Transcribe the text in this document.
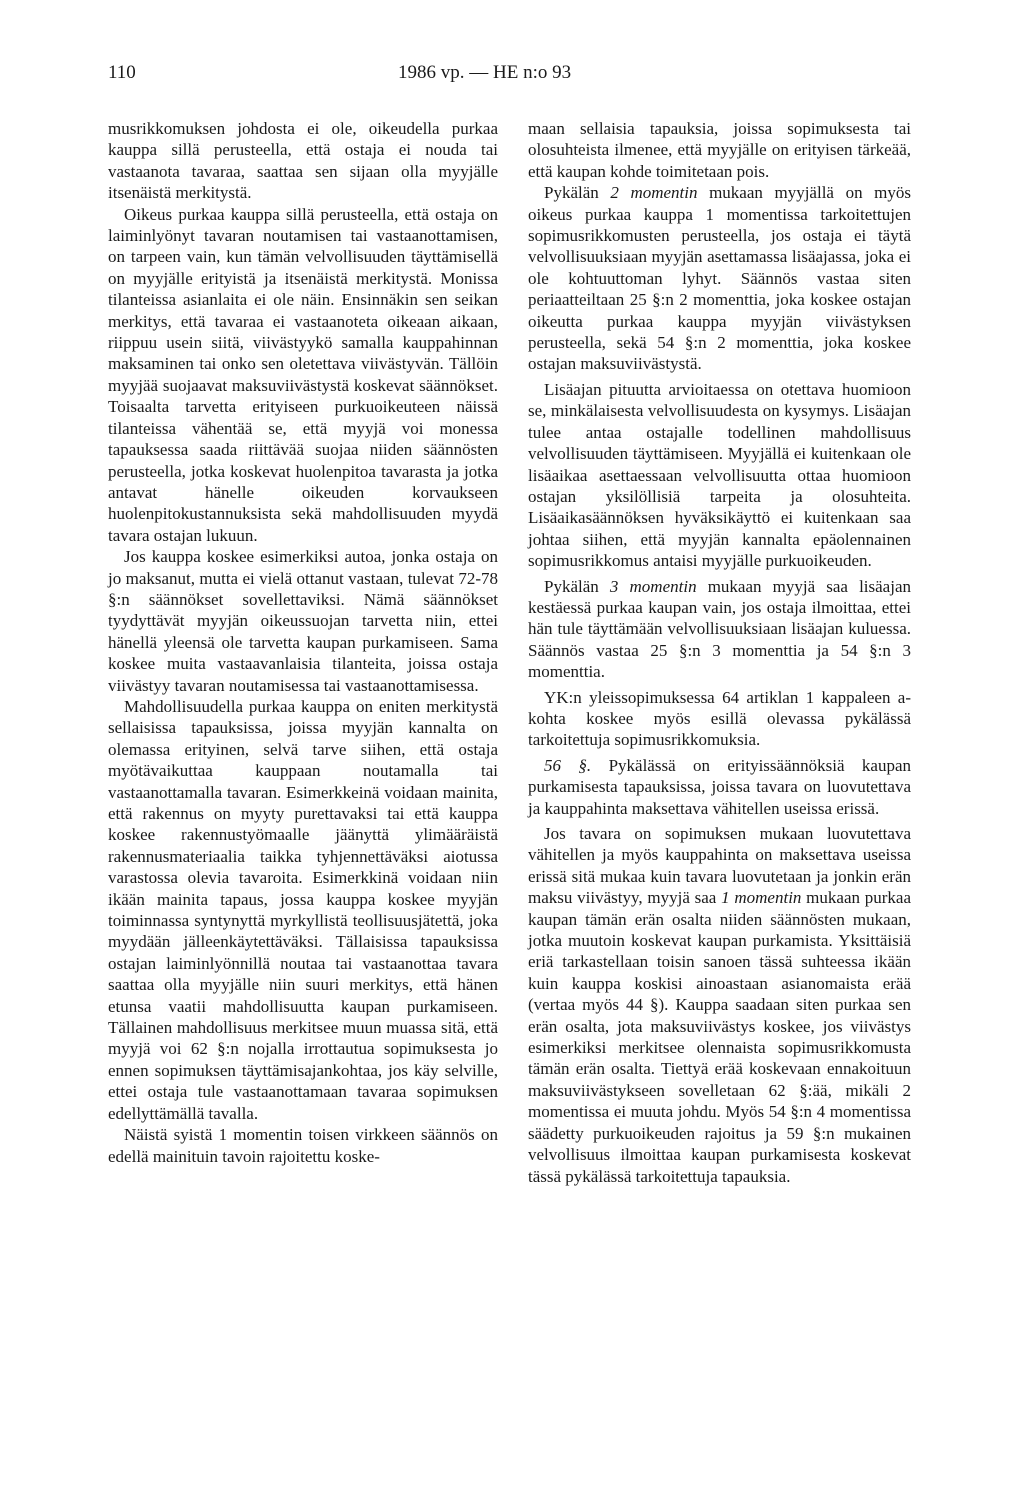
110	1986 vp. — HE n:o 93

musrikkomuksen johdosta ei ole, oikeudella purkaa kauppa sillä perusteella, että ostaja ei nouda tai vastaanota tavaraa, saattaa sen sijaan olla myyjälle itsenäistä merkitystä.

Oikeus purkaa kauppa sillä perusteella, että ostaja on laiminlyönyt tavaran noutamisen tai vastaanottamisen, on tarpeen vain, kun tämän velvollisuuden täyttämisellä on myyjälle erityistä ja itsenäistä merkitystä. Monissa tilanteissa asianlaita ei ole näin. Ensinnäkin sen seikan merkitys, että tavaraa ei vastaanoteta oikeaan aikaan, riippuu usein siitä, viivästyykö samalla kauppahinnan maksaminen tai onko sen oletettava viivästyvän. Tällöin myyjää suojaavat maksuviivästystä koskevat säännökset. Toisaalta tarvetta erityiseen purkuoikeuteen näissä tilanteissa vähentää se, että myyjä voi monessa tapauksessa saada riittävää suojaa niiden säännösten perusteella, jotka koskevat huolenpitoa tavarasta ja jotka antavat hänelle oikeuden korvaukseen huolenpitokustannuksista sekä mahdollisuuden myydä tavara ostajan lukuun.

Jos kauppa koskee esimerkiksi autoa, jonka ostaja on jo maksanut, mutta ei vielä ottanut vastaan, tulevat 72-78 §:n säännökset sovellettaviksi. Nämä säännökset tyydyttävät myyjän oikeussuojan tarvetta niin, ettei hänellä yleensä ole tarvetta kaupan purkamiseen. Sama koskee muita vastaavanlaisia tilanteita, joissa ostaja viivästyy tavaran noutamisessa tai vastaanottamisessa.

Mahdollisuudella purkaa kauppa on eniten merkitystä sellaisissa tapauksissa, joissa myyjän kannalta on olemassa erityinen, selvä tarve siihen, että ostaja myötävaikuttaa kauppaan noutamalla tai vastaanottamalla tavaran. Esimerkkeinä voidaan mainita, että rakennus on myyty purettavaksi tai että kauppa koskee rakennustyömaalle jäänyttä ylimääräistä rakennusmateriaalia taikka tyhjennettäväksi aiotussa varastossa olevia tavaroita. Esimerkkinä voidaan niin ikään mainita tapaus, jossa kauppa koskee myyjän toiminnassa syntynyttä myrkyllistä teollisuusjätettä, joka myydään jälleenkäytettäväksi. Tällaisissa tapauksissa ostajan laiminlyönnillä noutaa tai vastaanottaa tavara saattaa olla myyjälle niin suuri merkitys, että hänen etunsa vaatii mahdollisuutta kaupan purkamiseen. Tällainen mahdollisuus merkitsee muun muassa sitä, että myyjä voi 62 §:n nojalla irrottautua sopimuksesta jo ennen sopimuksen täyttämisajankohtaa, jos käy selville, ettei ostaja tule vastaanottamaan tavaraa sopimuksen edellyttämällä tavalla.

Näistä syistä 1 momentin toisen virkkeen säännös on edellä mainituin tavoin rajoitettu koske-

maan sellaisia tapauksia, joissa sopimuksesta tai olosuhteista ilmenee, että myyjälle on erityisen tärkeää, että kaupan kohde toimitetaan pois.

Pykälän 2 momentin mukaan myyjällä on myös oikeus purkaa kauppa 1 momentissa tarkoitettujen sopimusrikkomusten perusteella, jos ostaja ei täytä velvollisuuksiaan myyjän asettamassa lisäajassa, joka ei ole kohtuuttoman lyhyt. Säännös vastaa siten periaatteiltaan 25 §:n 2 momenttia, joka koskee ostajan oikeutta purkaa kauppa myyjän viivästyksen perusteella, sekä 54 §:n 2 momenttia, joka koskee ostajan maksuviivästystä.

Lisäajan pituutta arvioitaessa on otettava huomioon se, minkälaisesta velvollisuudesta on kysymys. Lisäajan tulee antaa ostajalle todellinen mahdollisuus velvollisuuden täyttämiseen. Myyjällä ei kuitenkaan ole lisäaikaa asettaessaan velvollisuutta ottaa huomioon ostajan yksilöllisiä tarpeita ja olosuhteita. Lisäaikasäännöksen hyväksikäyttö ei kuitenkaan saa johtaa siihen, että myyjän kannalta epäolennainen sopimusrikkomus antaisi myyjälle purkuoikeuden.

Pykälän 3 momentin mukaan myyjä saa lisäajan kestäessä purkaa kaupan vain, jos ostaja ilmoittaa, ettei hän tule täyttämään velvollisuuksiaan lisäajan kuluessa. Säännös vastaa 25 §:n 3 momenttia ja 54 §:n 3 momenttia.

YK:n yleissopimuksessa 64 artiklan 1 kappaleen a- kohta koskee myös esillä olevassa pykälässä tarkoitettuja sopimusrikkomuksia.

56 §. Pykälässä on erityissäännöksiä kaupan purkamisesta tapauksissa, joissa tavara on luovutettava ja kauppahinta maksettava vähitellen useissa erissä.

Jos tavara on sopimuksen mukaan luovutettava vähitellen ja myös kauppahinta on maksettava useissa erissä sitä mukaa kuin tavara luovutetaan ja jonkin erän maksu viivästyy, myyjä saa 1 momentin mukaan purkaa kaupan tämän erän osalta niiden säännösten mukaan, jotka muutoin koskevat kaupan purkamista. Yksittäisiä eriä tarkastellaan toisin sanoen tässä suhteessa ikään kuin kauppa koskisi ainoastaan asianomaista erää (vertaa myös 44 §). Kauppa saadaan siten purkaa sen erän osalta, jota maksuviivästys koskee, jos viivästys esimerkiksi merkitsee olennaista sopimusrikkomusta tämän erän osalta. Tiettyä erää koskevaan ennakoituun maksuviivästykseen sovelletaan 62 §:ää, mikäli 2 momentissa ei muuta johdu. Myös 54 §:n 4 momentissa säädetty purkuoikeuden rajoitus ja 59 §:n mukainen velvollisuus ilmoittaa kaupan purkamisesta koskevat tässä pykälässä tarkoitettuja tapauksia.
